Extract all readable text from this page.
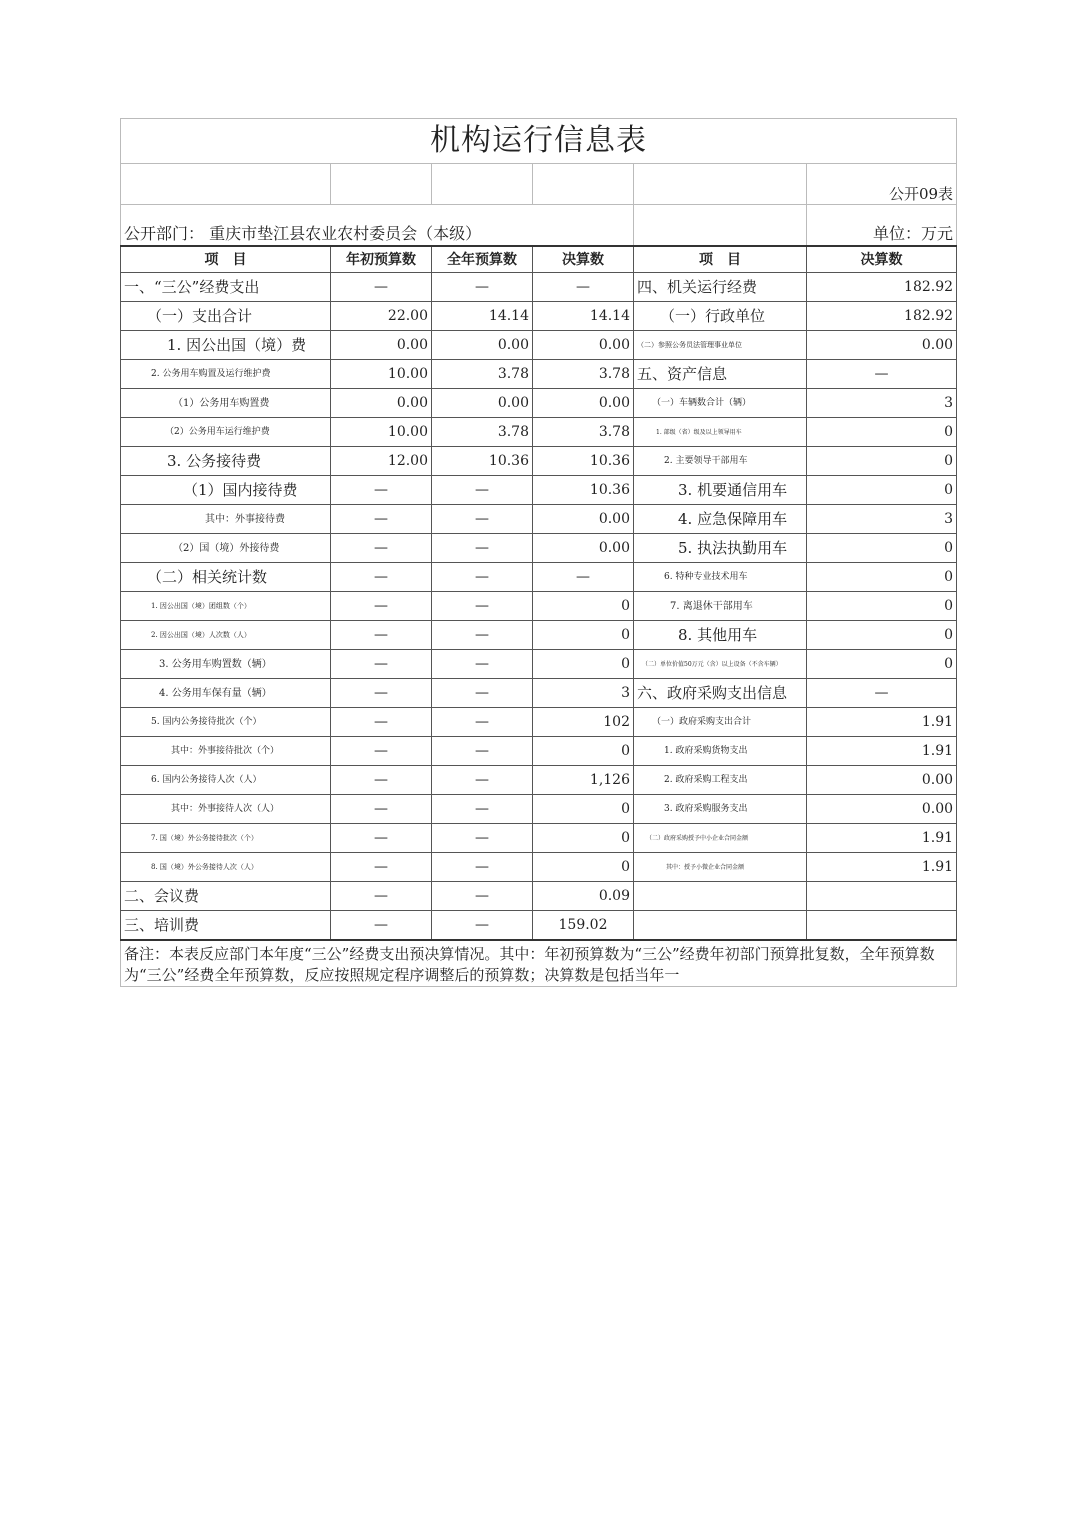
机构运行信息表					
					公开09表
公开部门： 重庆市垫江县农业农村委员会（本级）					单位：万元
项　目	年初预算数	全年预算数	决算数	项　目	决算数
一、“三公”经费支出	—	—	—	四、机关运行经费	182.92
（一）支出合计	22.00	14.14	14.14	（一）行政单位	182.92
1. 因公出国（境）费	0.00	0.00	0.00	（二）参照公务员法管理事业单位	0.00
2. 公务用车购置及运行维护费	10.00	3.78	3.78	五、资产信息	—
（1）公务用车购置费	0.00	0.00	0.00	（一）车辆数合计（辆）	3
（2）公务用车运行维护费	10.00	3.78	3.78	1. 部级（省）级及以上领导用车	0
3. 公务接待费	12.00	10.36	10.36	2. 主要领导干部用车	0
（1）国内接待费	—	—	10.36	3. 机要通信用车	0
其中：外事接待费	—	—	0.00	4. 应急保障用车	3
（2）国（境）外接待费	—	—	0.00	5. 执法执勤用车	0
（二）相关统计数	—	—	—	6. 特种专业技术用车	0
1. 因公出国（境）团组数（个）	—	—	0	7. 离退休干部用车	0
2. 因公出国（境）人次数（人）	—	—	0	8. 其他用车	0
3. 公务用车购置数（辆）	—	—	0	（二）单位价值50万元（含）以上设备（不含车辆）	0
4. 公务用车保有量（辆）	—	—	3	六、政府采购支出信息	—
5. 国内公务接待批次（个）	—	—	102	（一）政府采购支出合计	1.91
其中：外事接待批次（个）	—	—	0	1. 政府采购货物支出	1.91
6. 国内公务接待人次（人）	—	—	1,126	2. 政府采购工程支出	0.00
其中：外事接待人次（人）	—	—	0	3. 政府采购服务支出	0.00
7. 国（境）外公务接待批次（个）	—	—	0	（二）政府采购授予中小企业合同金额	1.91
8. 国（境）外公务接待人次（人）	—	—	0	其中：授予小微企业合同金额	1.91
二、会议费	—	—	0.09		
三、培训费	—	—	159.02		
备注：本表反应部门本年度“三公”经费支出预决算情况。其中：年初预算数为“三公”经费年初部门预算批复数，全年预算数为“三公”经费全年预算数，反应按照规定程序调整后的预算数；决算数是包括当年一					
